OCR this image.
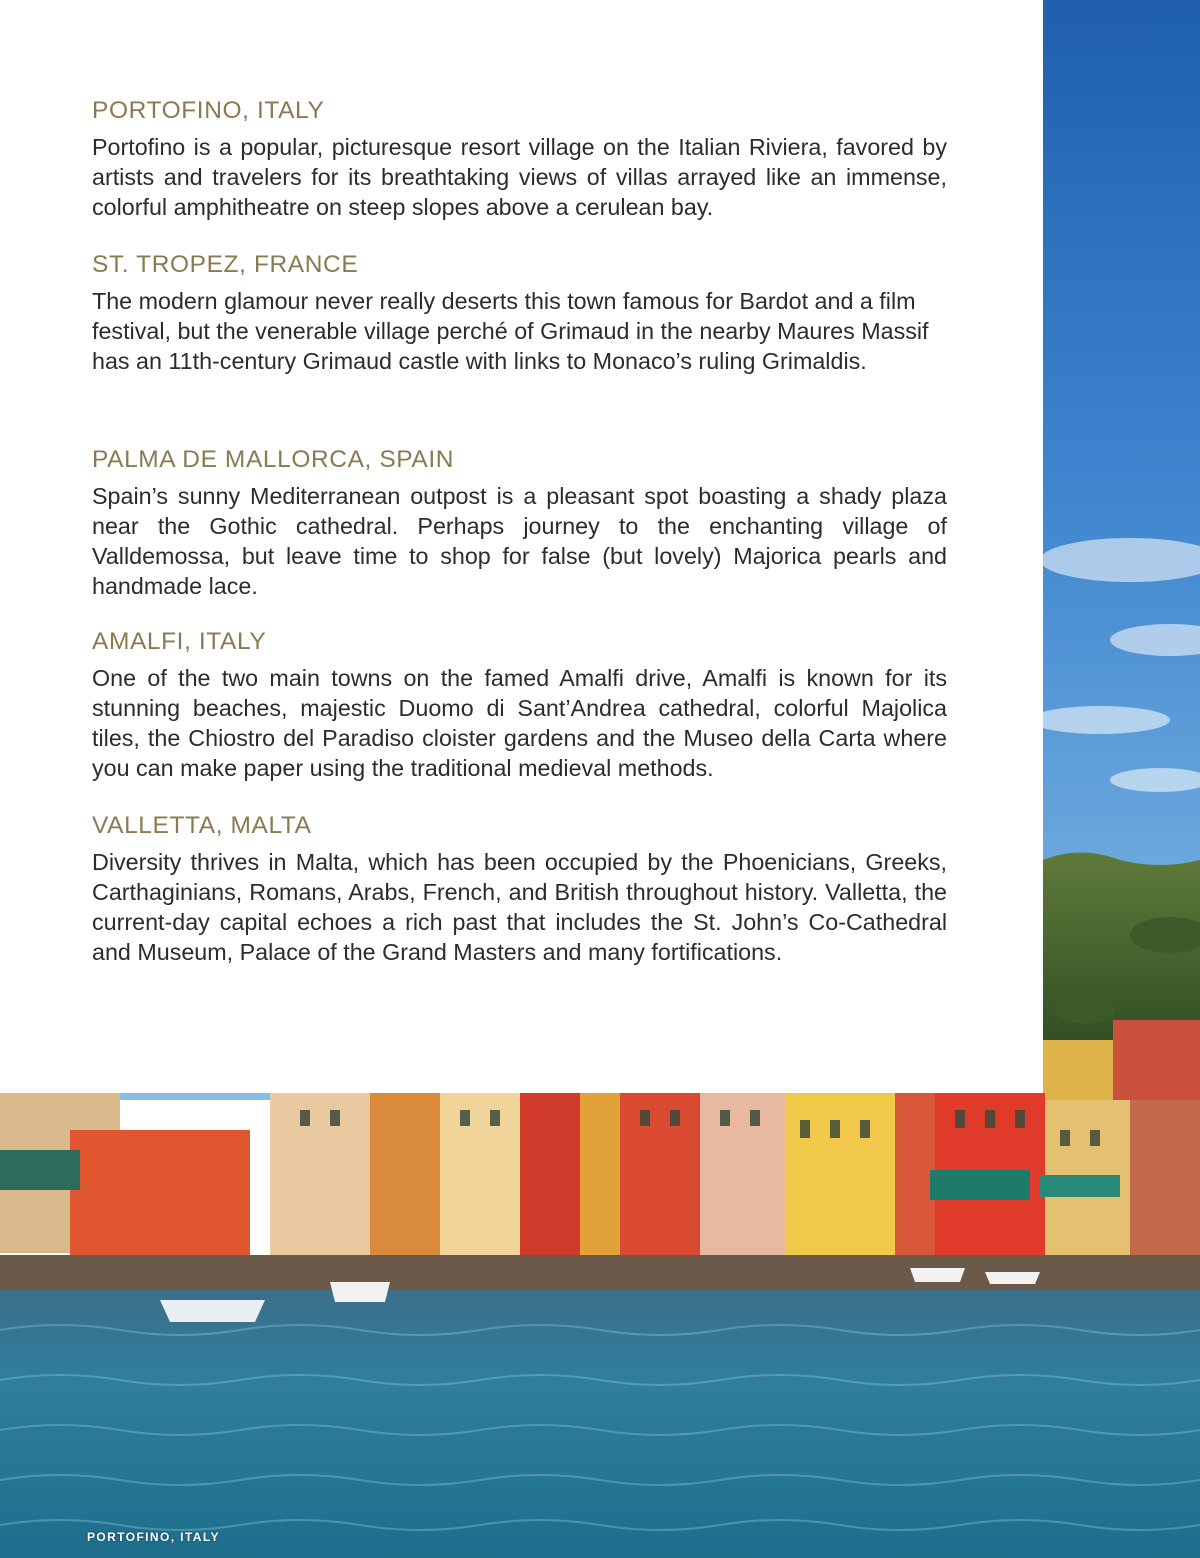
PORTOFINO, ITALY

Portofino is a popular, picturesque resort village on the Italian Riviera, favored by artists and travelers for its breathtaking views of villas arrayed like an immense, colorful amphitheatre on steep slopes above a cerulean bay.

ST. TROPEZ, FRANCE

The modern glamour never really deserts this town famous for Bardot and a film festival, but the venerable village perché of Grimaud in the nearby Maures Massif has an 11th-century Grimaud castle with links to Monaco’s ruling Grimaldis.

PALMA DE MALLORCA, SPAIN

Spain’s sunny Mediterranean outpost is a pleasant spot boasting a shady plaza near the Gothic cathedral. Perhaps journey to the enchanting village of Valldemossa, but leave time to shop for false (but lovely) Majorica pearls and handmade lace.

AMALFI, ITALY

One of the two main towns on the famed Amalfi drive, Amalfi is known for its stunning beaches, majestic Duomo di Sant’Andrea cathedral, colorful Majolica tiles, the Chiostro del Paradiso cloister gardens and the Museo della Carta where you can make paper using the traditional medieval methods.

VALLETTA, MALTA

Diversity thrives in Malta, which has been occupied by the Phoenicians, Greeks, Carthaginians, Romans, Arabs, French, and British throughout history. Valletta, the current-day capital echoes a rich past that includes the St. John’s Co-Cathedral and Museum, Palace of the Grand Masters and many fortifications.

PORTOFINO, ITALY
